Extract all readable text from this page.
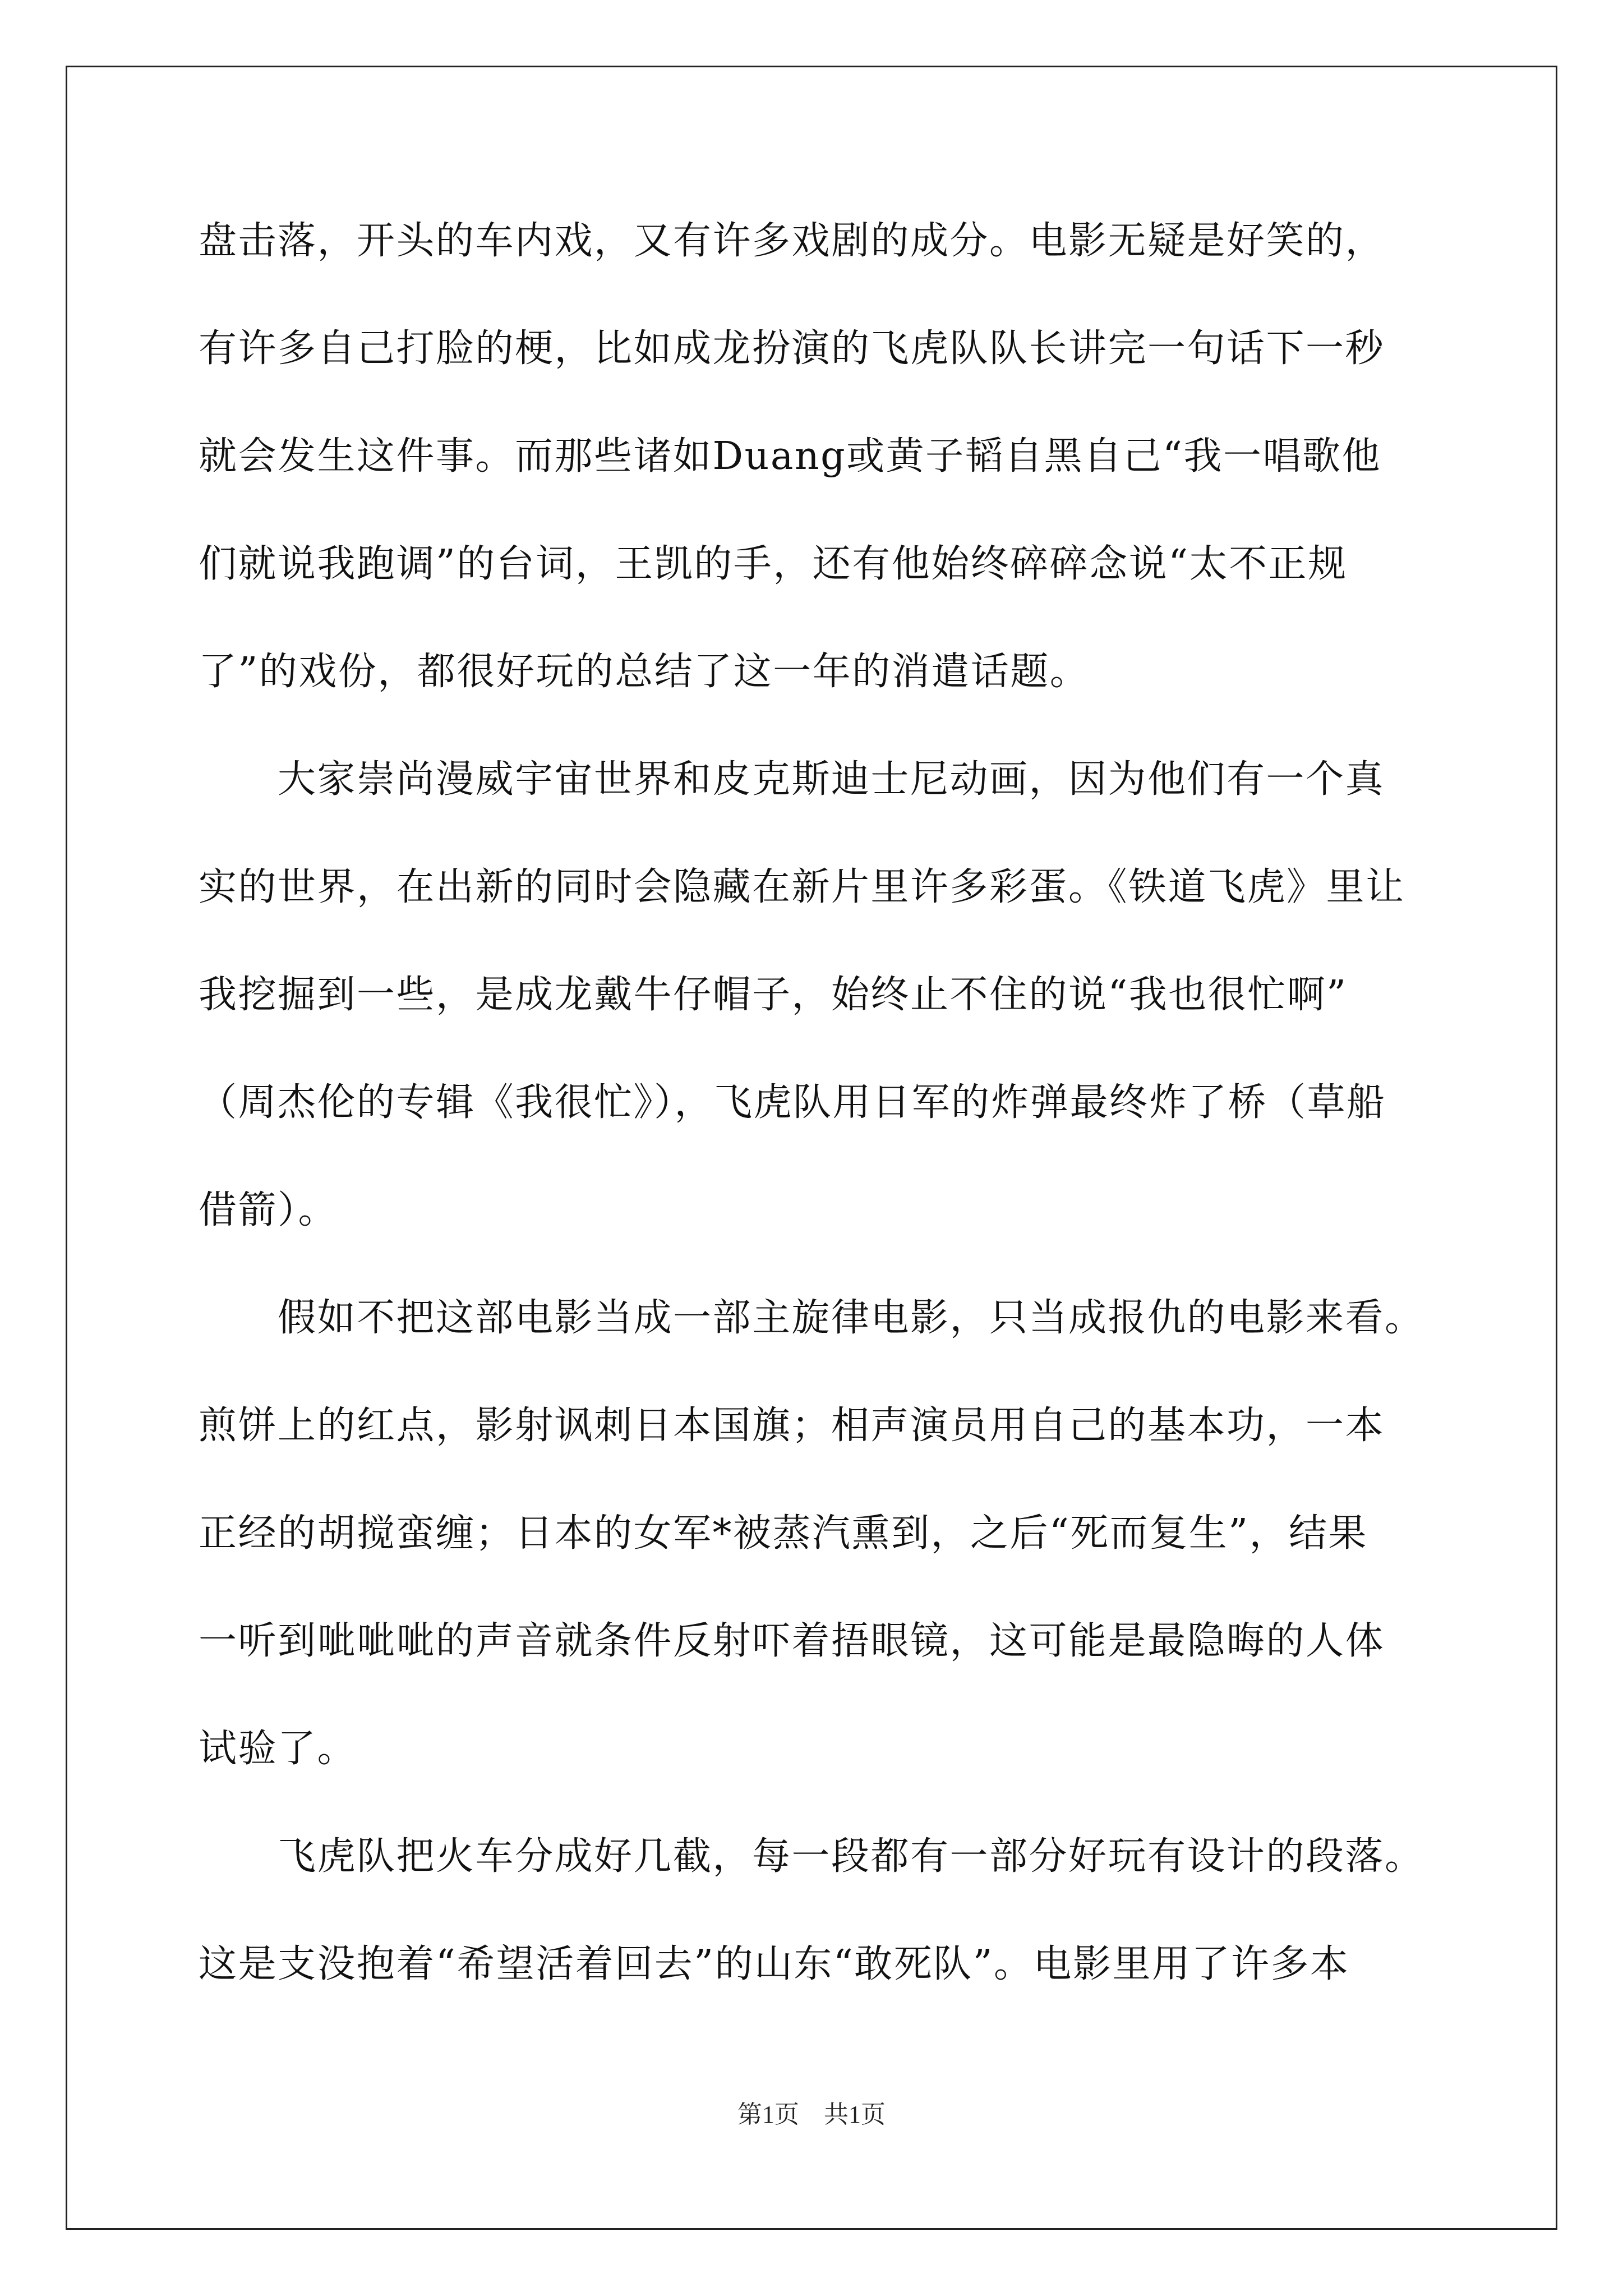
盘击落，开头的车内戏，又有许多戏剧的成分。电影无疑是好笑的，
有许多自己打脸的梗，比如成龙扮演的飞虎队队长讲完一句话下一秒
就会发生这件事。而那些诸如Duang或黄子韬自黑自己“我一唱歌他
们就说我跑调”的台词，王凯的手，还有他始终碎碎念说“太不正规
了”的戏份，都很好玩的总结了这一年的消遣话题。
　　大家崇尚漫威宇宙世界和皮克斯迪士尼动画，因为他们有一个真
实的世界，在出新的同时会隐藏在新片里许多彩蛋。《铁道飞虎》里让
我挖掘到一些，是成龙戴牛仔帽子，始终止不住的说“我也很忙啊”
（周杰伦的专辑《我很忙》），飞虎队用日军的炸弹最终炸了桥（草船
借箭）。
　　假如不把这部电影当成一部主旋律电影，只当成报仇的电影来看。
煎饼上的红点，影射讽刺日本国旗；相声演员用自己的基本功，一本
正经的胡搅蛮缠；日本的女军*被蒸汽熏到，之后“死而复生”，结果
一听到呲呲呲的声音就条件反射吓着捂眼镜，这可能是最隐晦的人体
试验了。
　　飞虎队把火车分成好几截，每一段都有一部分好玩有设计的段落。
这是支没抱着“希望活着回去”的山东“敢死队”。电影里用了许多本
第1页　共1页
